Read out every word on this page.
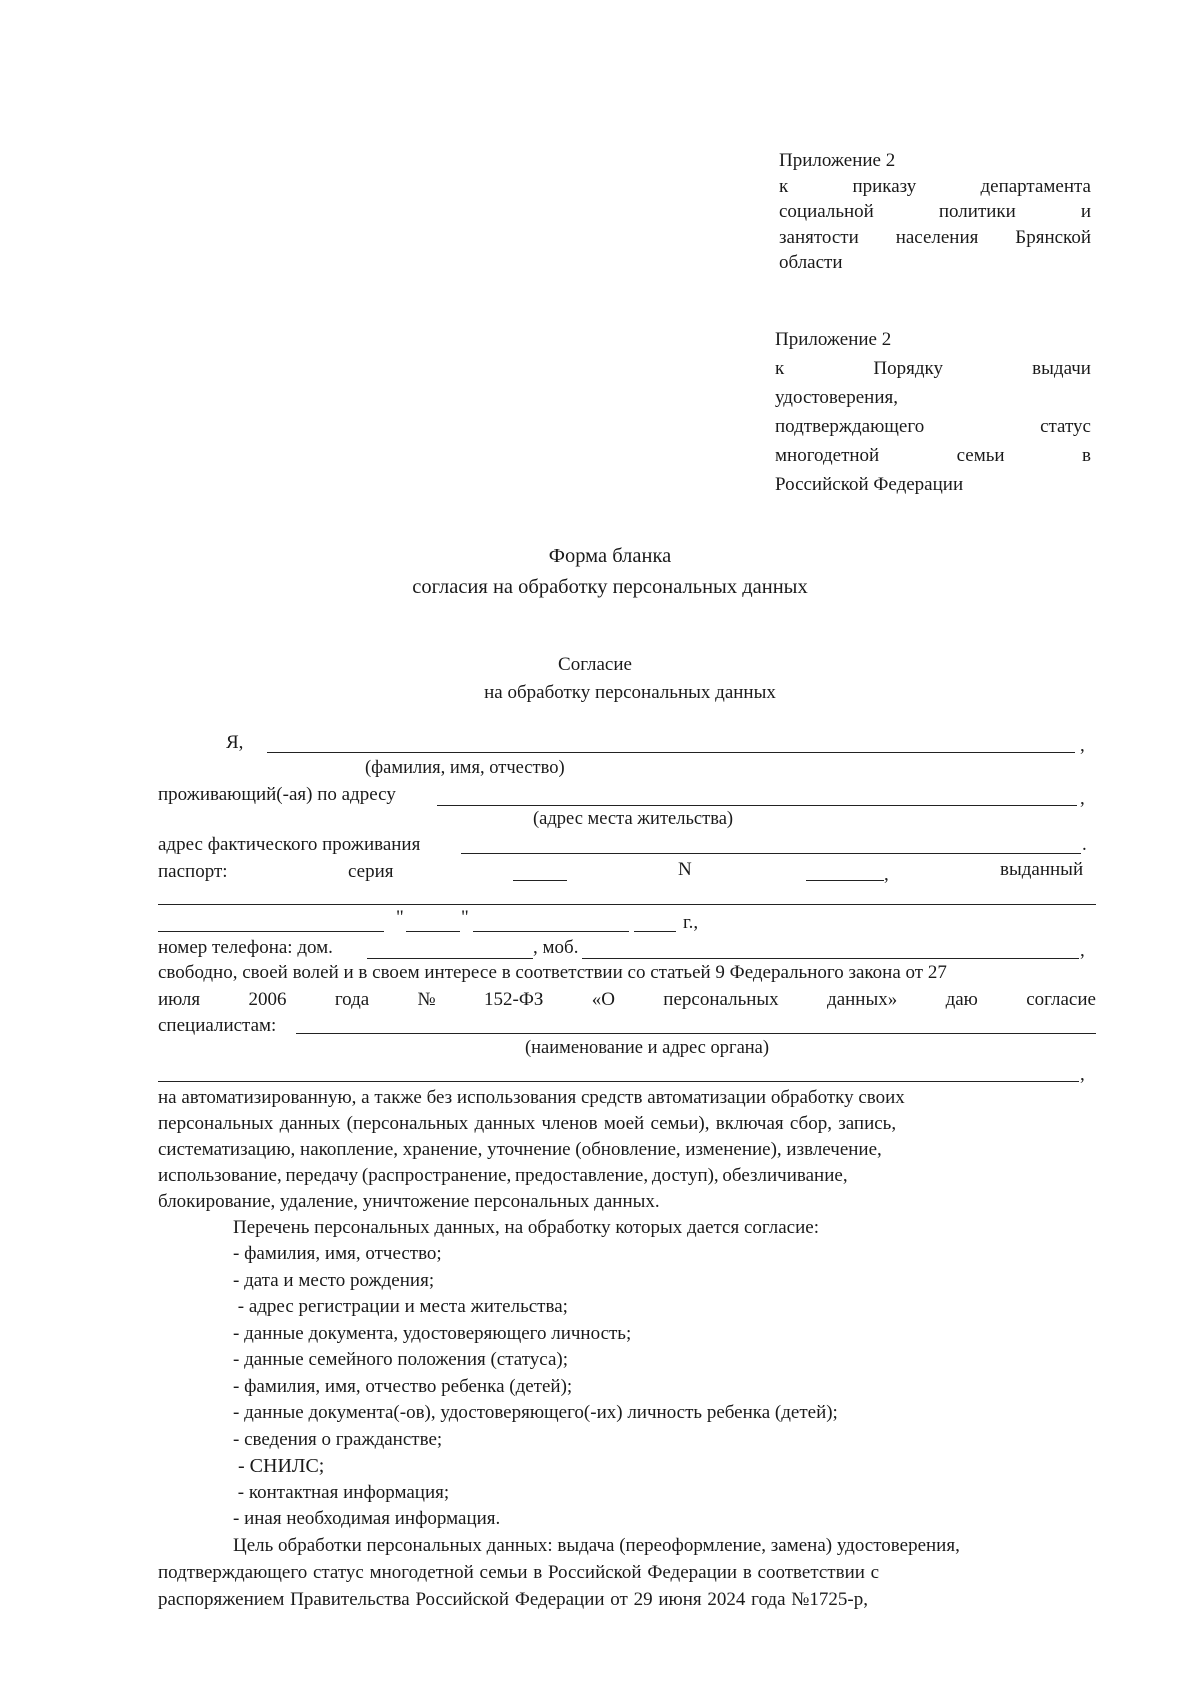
Приложение 2
к	приказу	департамента
социальной	политики	и
занятости населения Брянской
области
Приложение 2
к	Порядку	выдачи
удостоверения,
подтверждающего	статус
многодетной	семьи	в
Российской Федерации
Форма бланка
согласия на обработку персональных данных
Согласие
на обработку персональных данных
Я,	,
(фамилия, имя, отчество)
проживающий(-ая) по адресу	,
(адрес места жительства)
адрес фактического проживания	.
паспорт:	серия	N	,	выданный
"	"	г.,
номер телефона: дом.	, моб.	,
свободно, своей волей и в своем интересе в соответствии со статьей 9 Федерального закона от 27
июля	2006	года	№	152-ФЗ	«О	персональных	данных»	даю	согласие
специалистам:
(наименование и адрес органа)
,
на автоматизированную, а также без использования средств автоматизации обработку своих
персональных данных (персональных данных членов моей семьи), включая сбор, запись,
систематизацию, накопление, хранение, уточнение (обновление, изменение), извлечение,
использование, передачу (распространение, предоставление, доступ), обезличивание,
блокирование, удаление, уничтожение персональных данных.
Перечень персональных данных, на обработку которых дается согласие:
- фамилия, имя, отчество;
- дата и место рождения;
- адрес регистрации и места жительства;
- данные документа, удостоверяющего личность;
- данные семейного положения (статуса);
- фамилия, имя, отчество ребенка (детей);
- данные документа(-ов), удостоверяющего(-их) личность ребенка (детей);
- сведения о гражданстве;
- СНИЛС;
- контактная информация;
- иная необходимая информация.
Цель обработки персональных данных: выдача (переоформление, замена) удостоверения,
подтверждающего статус многодетной семьи в Российской Федерации в соответствии с
распоряжением Правительства Российской Федерации от 29 июня 2024 года №1725-р,
